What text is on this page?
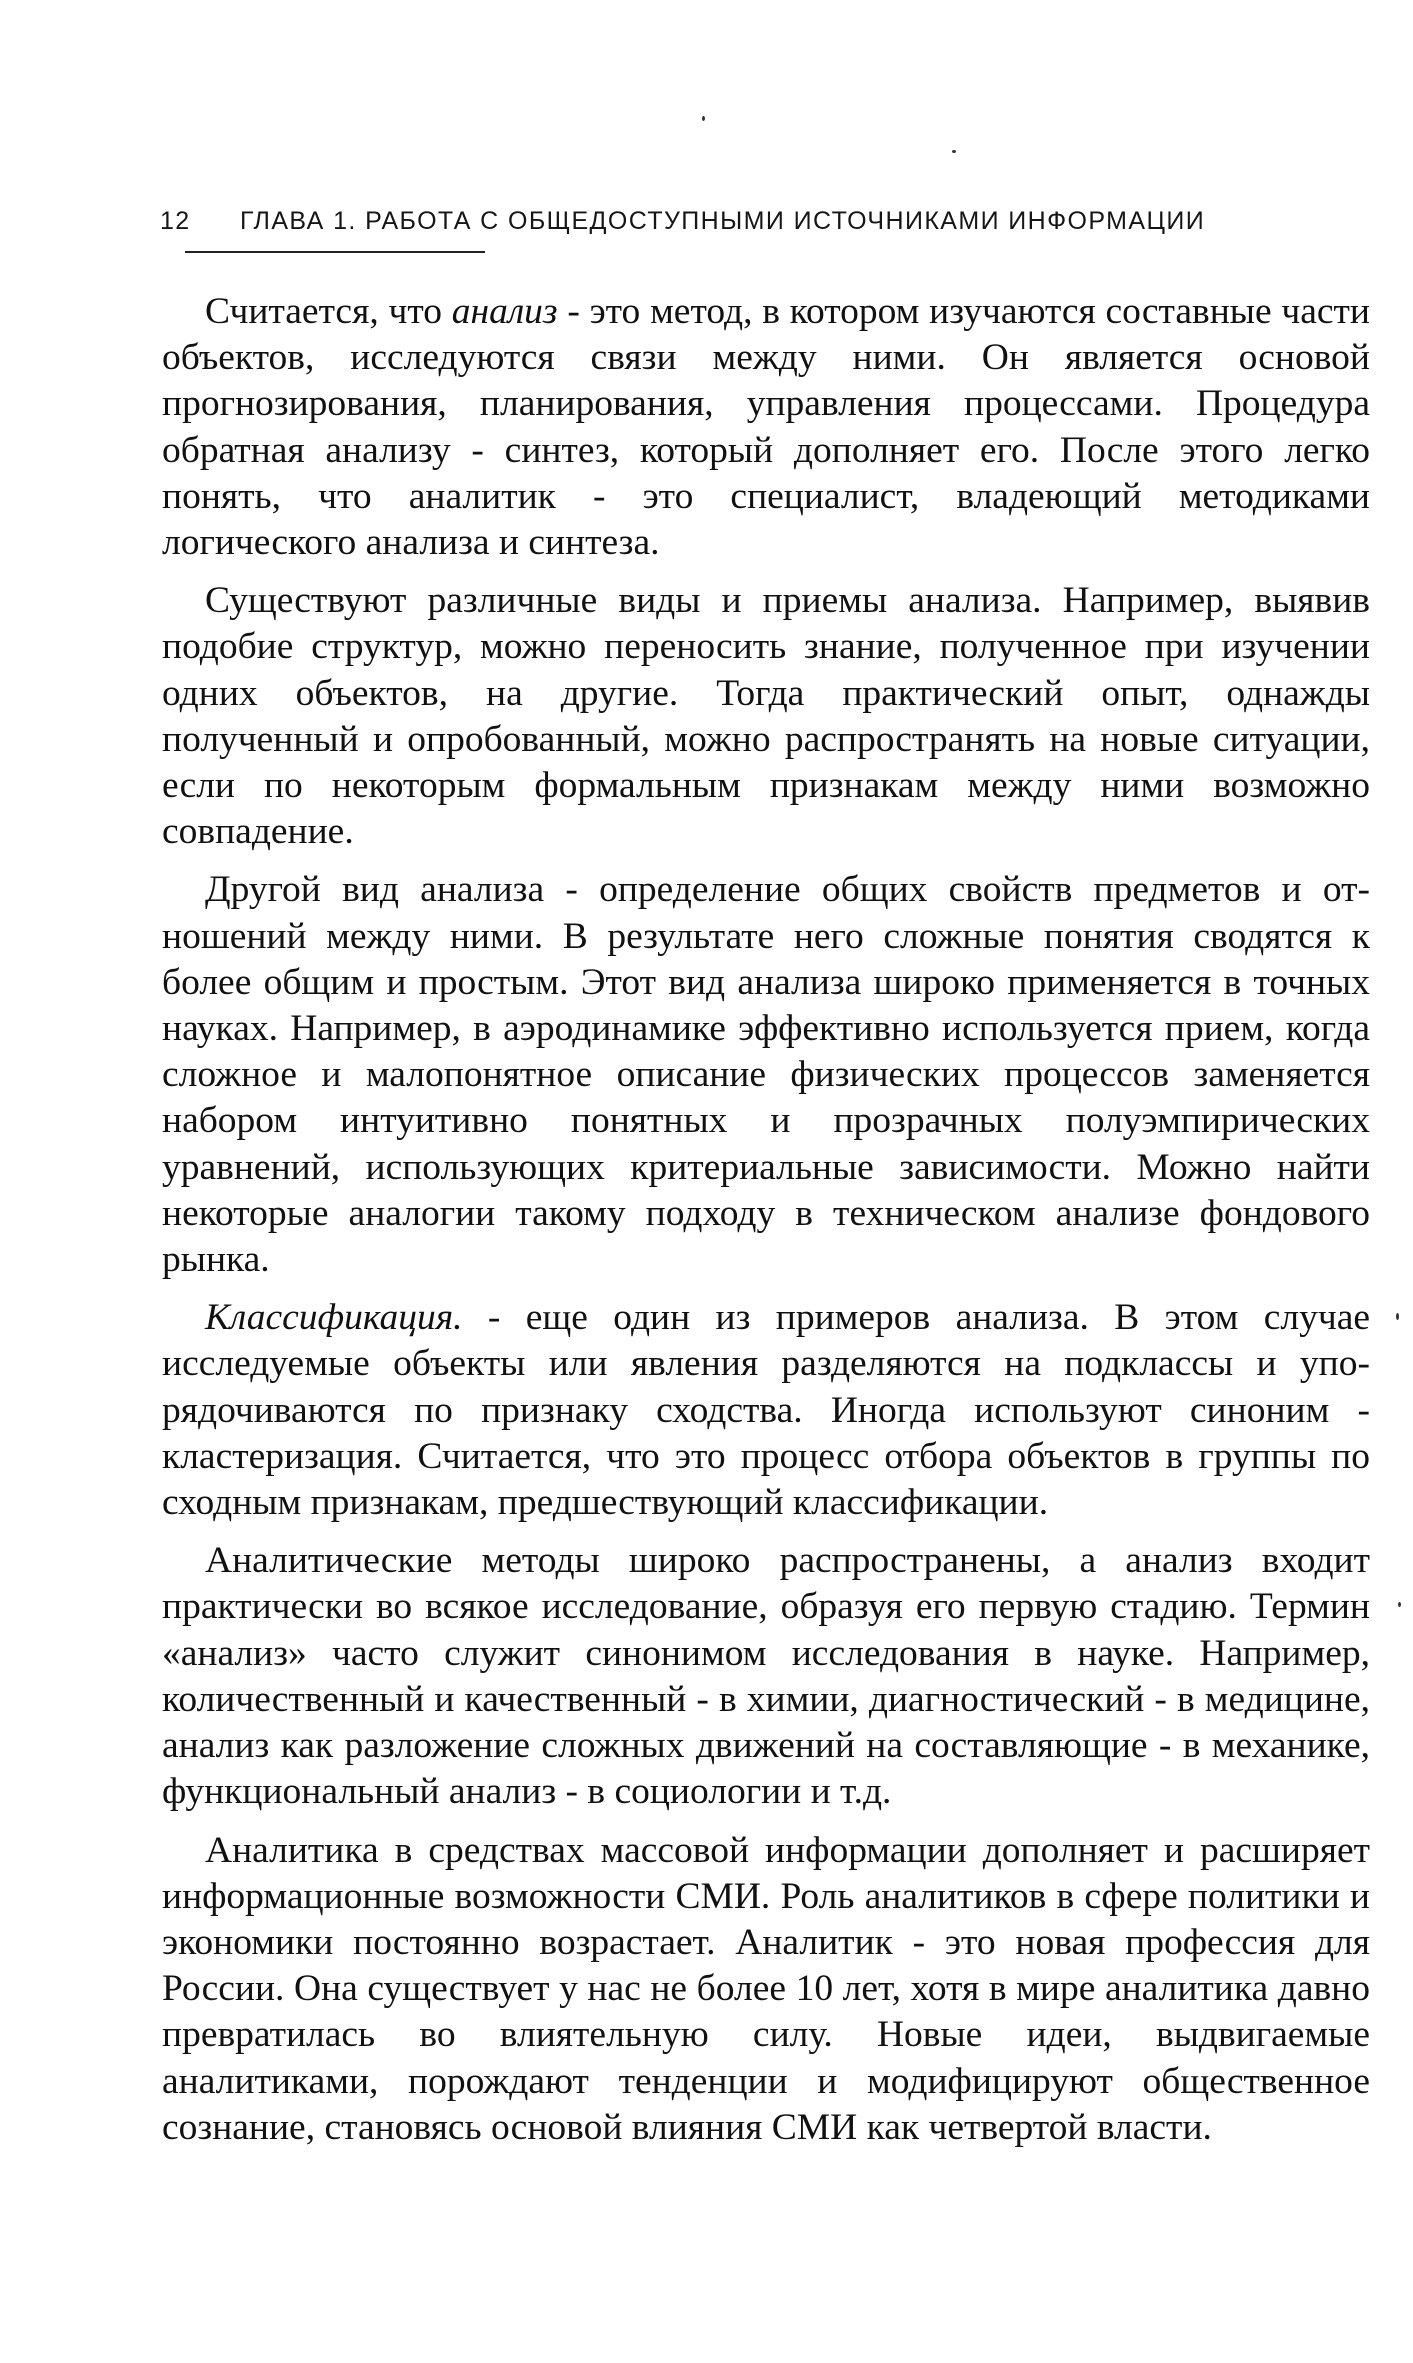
12 ГЛАВА 1. РАБОТА С ОБЩЕДОСТУПНЫМИ ИСТОЧНИКАМИ ИНФОРМАЦИИ

Считается, что анализ - это метод, в котором изучаются составные части объектов, исследуются связи между ними. Он является основой прогнозирования, планирования, управления процессами. Процедура обратная анализу - синтез, который дополняет его. После этого легко понять, что аналитик - это специалист, владеющий методиками логического анализа и синтеза.

Существуют различные виды и приемы анализа. Например, выявив подобие структур, можно переносить знание, полученное при изучении одних объектов, на другие. Тогда практический опыт, однажды полученный и опробованный, можно распространять на новые ситуации, если по некоторым формальным признакам между ними возможно совпадение.

Другой вид анализа - определение общих свойств предметов и отношений между ними. В результате него сложные понятия сводятся к более общим и простым. Этот вид анализа широко применяется в точных науках. Например, в аэродинамике эффективно используется прием, когда сложное и малопонятное описание физических процессов заменяется набором интуитивно понятных и прозрачных полуэмпирических уравнений, использующих критериальные зависимости. Можно найти некоторые аналогии такому подходу в техническом анализе фондового рынка.

Классификация. - еще один из примеров анализа. В этом случае исследуемые объекты или явления разделяются на подклассы и упорядочиваются по признаку сходства. Иногда используют синоним - кластеризация. Считается, что это процесс отбора объектов в группы по сходным признакам, предшествующий классификации.

Аналитические методы широко распространены, а анализ входит практически во всякое исследование, образуя его первую стадию. Термин «анализ» часто служит синонимом исследования в науке. Например, количественный и качественный - в химии, диагностический - в медицине, анализ как разложение сложных движений на составляющие - в механике, функциональный анализ - в социологии и т.д.

Аналитика в средствах массовой информации дополняет и расширяет информационные возможности СМИ. Роль аналитиков в сфере политики и экономики постоянно возрастает. Аналитик - это новая профессия для России. Она существует у нас не более 10 лет, хотя в мире аналитика давно превратилась во влиятельную силу. Новые идеи, выдвигаемые аналитиками, порождают тенденции и модифицируют общественное сознание, становясь основой влияния СМИ как четвертой власти.
